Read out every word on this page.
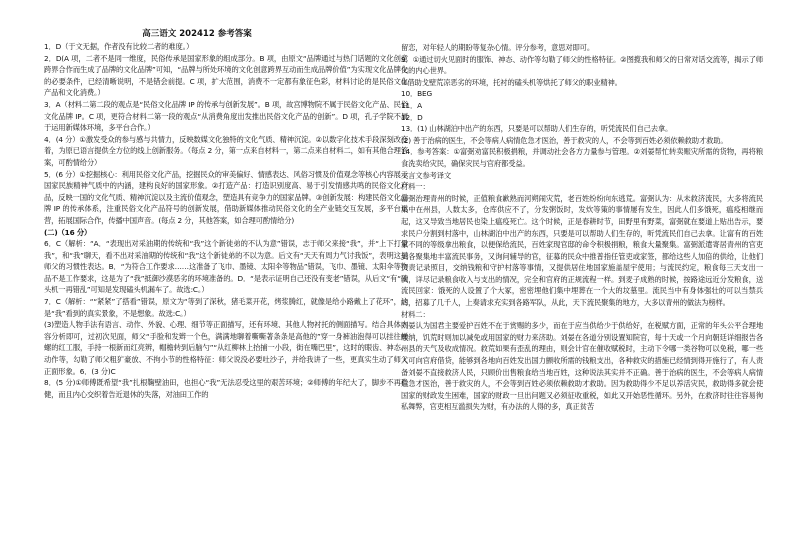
高三语文 202412 参考答案

1．D（于文无据，作者没有比较二者的难度。）

2．D(A 项，二者不是同一维度，民俗传承是国家形象的组成部分。B 项，由原文“品牌通过与热门话题的文化创意跨界合作而生成了品牌的文化品牌”可知，“品牌与所处环境的文化创意跨界互动而生成品牌价值”为实现文化品牌化的必要条件，已经清晰说明，不是错会前提。C 项，扩大范围，消费不一定都有象征色彩，材料讨论的是民俗文化产品和文化消费。）

3．A（材料二第二段的观点是“民俗文化品牌 IP 的传承与创新发展”。B 项，故宫博物院不属于民俗文化产品、民俗文化品牌 IP。C 项，更符合材料二第一段的观点“从消费角度出发推出民俗文化产品的创新”。D 项，孔子学院不属于运用新媒体环境，多平台合作。）

4．(4 分）①激发受众的参与感与共情力，反映数媒文化独特的文化气质、精神沉淀。②以数字化技术手段深刻改变着，为原已语言提供全方位的线上创新服务。（每点 2 分，第一点来自材料一，第二点来自材料二，如有其他合理答案，可酌情给分）

5．(6 分）①挖掘核心：利用民俗文化产品，挖掘民众的审美偏好、情感表达、风俗习惯及价值观念等核心内容展示国家民族精神气质中的内涵，建构良好的国家形象。②打造产品：打造识别度高、易于引发情感共鸣的民俗文化产品，反映一国的文化气质、精神沉淀以及主流价值观念，塑造具有竞争力的国家品牌。③创新发展：构建民俗文化品牌 IP 的传承体系，注重民俗文化产品符号的创新发展，借助新媒体推动民俗文化的全产业链交互发展，多平台运营，拓展国际合作，传播中国声音。(每点 2 分，其他答案，如合理可酌情给分)

(二)（16 分）

6．C（解析：“A．“表现出对采油期的传统和“我”这个新徒弟的不认为意”错误，志于师父来接“我”，并“上下打量我”，和“我”聊天，看不出对采油期的传统和“我”这个新徒弟的不以为意。后文有“天天有周力气讨我饭”，表明这是师父的习惯性表达。B．“为符合工作要求……这准备了飞巾、墨镜、太阳伞等物品”错误，飞巾、墨镜、太阳伞等物品不是工作要求，这是为了“我”抵御沙漠恶劣的环境准备的。D．“是表示证明自己还没有变老”错误，从后文“有“磕头机一再错乱”可知是发现磕头机漏车了。故选:C。）

7．C（解析：““紧紧”了搭看”错误，原文为“等到了深秋，猪毛菜开花，烤浆腾红，就像是给小路戴上了花环”，这是“我”看到的真实景象，不是想象。故选:C。）

(3)塑造人物手法有语言、动作、外貌、心理、细节等正面描写，还有环境、其他人物衬托的侧面描写。结合具体内容分析即可，过初次见面，师父“手脸和发辫一个色，满满地聊着嘶嘶著条条是高他的”穿一身裤油泡得可以挂往蝉螺的红工服，手持一根新而红亮辨，帽檐转到后脑勺”“从红柳林上抬捕一小段，街在嘴巴里”，这时的眼齿、神态、动作等，勾勒了师父粗犷豪放、不拘小节的性格特征：师父说没必要吐沙子，并给我讲了一些，更真实生动了师父正面形象。6．(3 分)C

8．(5 分)①师傅既希望“我”扎根鞠壁油田，也担心“我”无法忍受这里的艰苦环境；②师傅的年纪大了，脚步不再稳健，而且内心交织着告近退休的失落，对油田工作的

留恋，对年轻人的期盼等复杂心情。评分参考，意思对即可。

9．①通过切火见面时的服饰、神态、动作等勾勒了师父的性格特征。②图揽我和师父的日常对话交流等，揭示了师父的内心世界。

③借助戈壁荒凉恶劣的环境，托衬的磕头机等烘托了师父的职业精神。

10．BEG

11．A

12．D

13．(1) 山林湖泊中出产的东西，只要是可以帮助人们生存的，听凭流民们自己去拿。

(2) 善于治病的医生，不会等病人病情危急才医治，善于救灾的人，不会等到百姓必须依赖救助才救助。

14．参考答案：①富弼劝富民积极捐粮，并调动社会各方力量参与管理。②刘晏帮忙转卖赈灾所需的货物，再将粮食洗卖给灾民，确保灾民与官府都受益。

文言文参考译文

材料一：

富弼治理青州的时候，正值粮食歉熟而河朔闹灾荒，老百姓纷纷向东逃荒。富弼认为：从未救济流民，大多将流民集中在州县，人数太多，仓库供应不了，分发粥饭时，发炊等策的事情屡有发生，因此人们多饿死，瘟疫相继而起，这又导致当地居民也染上瘟疫死亡。这个时候，正是春耕时节，田野里有野菜，富弼就在要道上贴出告示，要求民户分割到村落中，山林湖泊中出产的东西，只要是可以帮助人们生存的，听凭流民们自己去拿。让富有的百姓家不同的等级拿出粮食，以便保给流民，百姓家现官邸的命令积极捐粮，粮食大量聚集。富弼派遣寄居青州的官吏到各聚集地丰富流民事务，又询问辅导的官，征募的民众中推普指任管吏或家签，都给这些人加倍的供给，让他们负责记录照目，交纳钱粮和守护村落等事情，又提供居住地国家施盖屋宇使用；与流民约定，粮食每三天支出一次，详尽记录粮食收入与支出的情况，完全和官府的正规流程一样。到麦子成熟的时候，按路途远近分发粮食，送流民回家：饿死的人设置了个大冢，密密埋他们集中埋葬在一个大的坟墓里。流民当中有身体强壮的可以当禁兵的，招募了几千人，上奏请求充实到各路军队，从此，天下流民聚集的地方，大多以青州的做法为榜样。

材料二：

刘晏认为国君主要爱护百姓不在于赏赐的多少，而在于应当供给少于供给好，在税赋方面，正常的年头公平合理地缴纳，饥荒时则加以减免或用国家的财力来济助。刘晏在各道分别设置知院官，每十天或一个月向朝廷详细报告各州县的天气及收成情况。救荒如果有歪乱的理由，则会计官在催收赋税时，主动下令哪一类谷物可以免税，哪一些人可向官府借贷，能够到各地向百姓发出国力颤收所需的钱粮支出，各种救灾的措施已经情到得开施行了，有人责备刘晏不直接救济人民，只顾价出售粮食给当地百姓，这种说法其实并不正确。善于治病的医生，不会等病人病情危急才医治，善于救灾的人，不会等到百姓必须依赖救助才救助。因为救助得少不足以养活灾民，救助得多就会使国家的财政发生困难，国家的财政一旦出问题又必须征收重税，如此又开始恶性循环。另外，在救济时往往容易徇私舞弊，官吏相互滥损失为财，有办法的人得的多，真正贫苦
